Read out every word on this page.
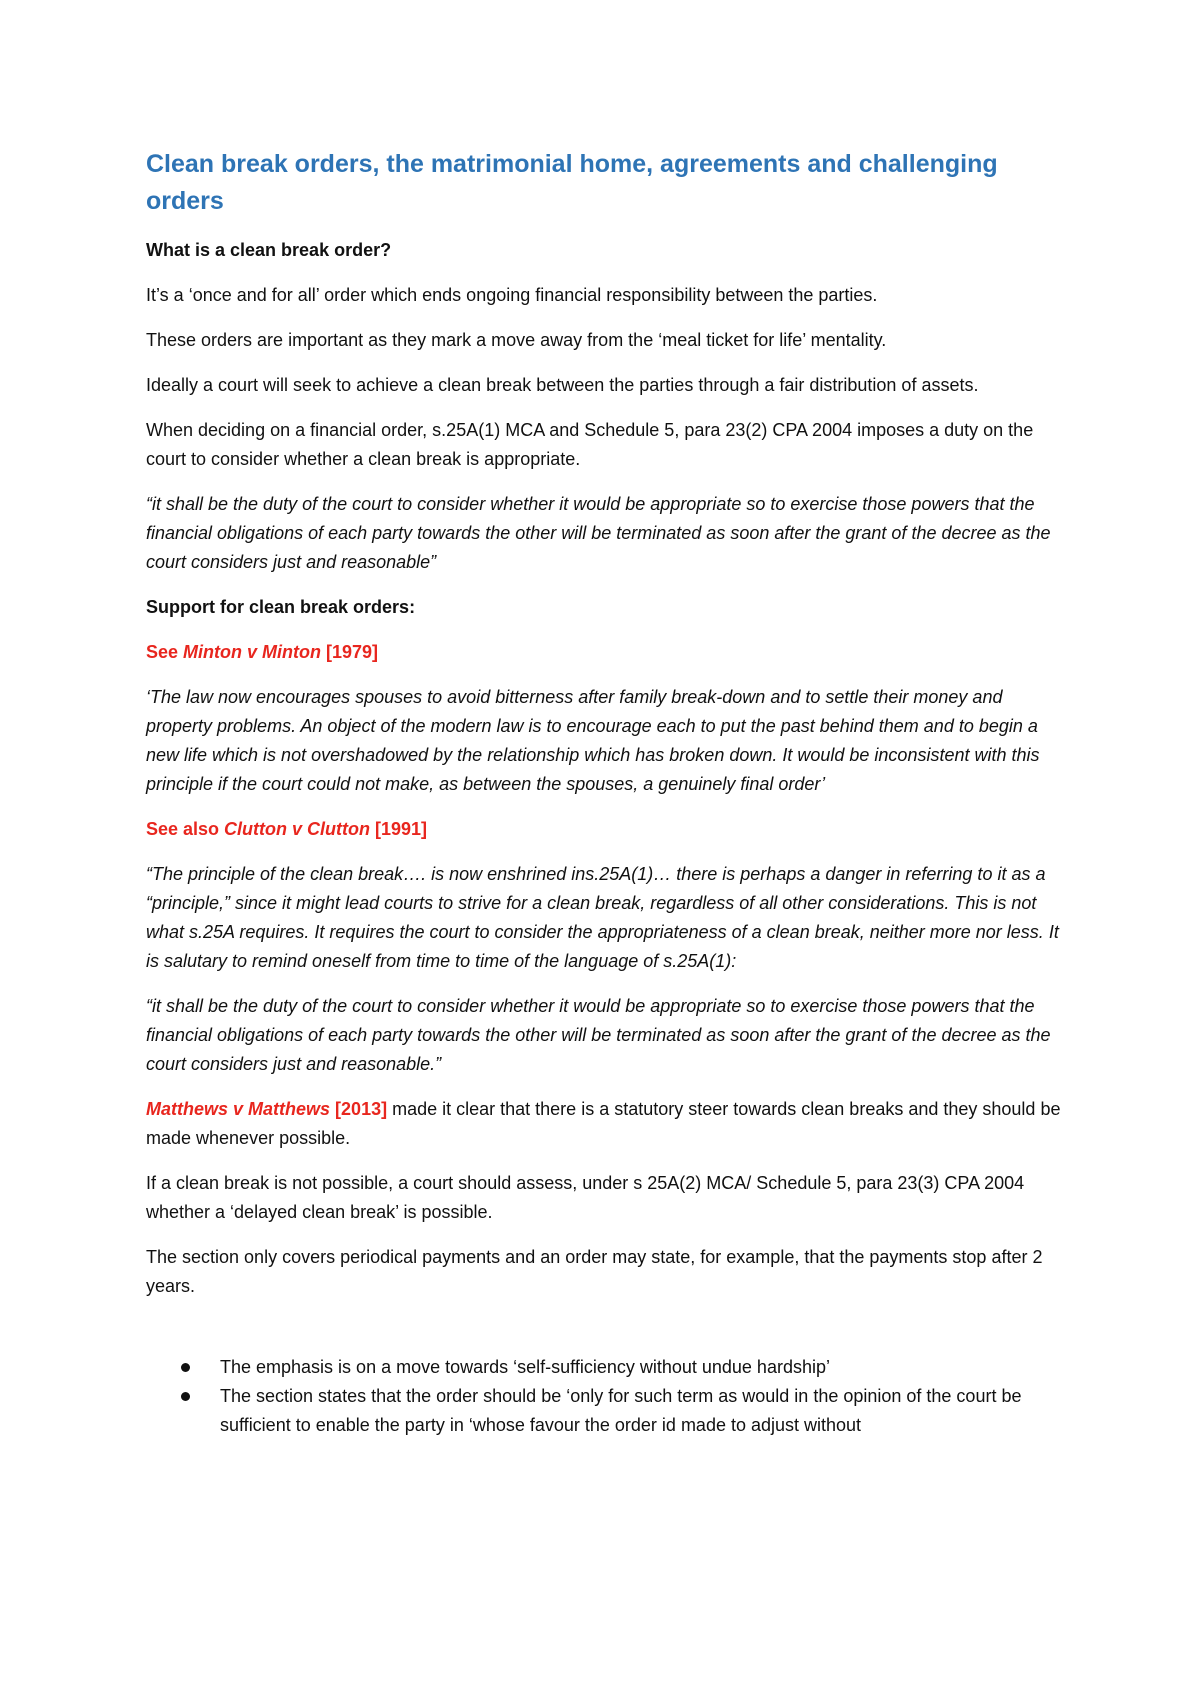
Clean break orders, the matrimonial home, agreements and challenging orders

What is a clean break order?

It’s a ‘once and for all’ order which ends ongoing financial responsibility between the parties.

These orders are important as they mark a move away from the ‘meal ticket for life’ mentality.

Ideally a court will seek to achieve a clean break between the parties through a fair distribution of assets.

When deciding on a financial order, s.25A(1) MCA and Schedule 5, para 23(2) CPA 2004 imposes a duty on the court to consider whether a clean break is appropriate.

“it shall be the duty of the court to consider whether it would be appropriate so to exercise those powers that the financial obligations of each party towards the other will be terminated as soon after the grant of the decree as the court considers just and reasonable”

Support for clean break orders:

See Minton v Minton [1979]

‘The law now encourages spouses to avoid bitterness after family break-down and to settle their money and property problems. An object of the modern law is to encourage each to put the past behind them and to begin a new life which is not overshadowed by the relationship which has broken down. It would be inconsistent with this principle if the court could not make, as between the spouses, a genuinely final order’

See also Clutton v Clutton [1991]

“The principle of the clean break…. is now enshrined ins.25A(1)… there is perhaps a danger in referring to it as a “principle,” since it might lead courts to strive for a clean break, regardless of all other considerations. This is not what s.25A requires. It requires the court to consider the appropriateness of a clean break, neither more nor less. It is salutary to remind oneself from time to time of the language of s.25A(1):

“it shall be the duty of the court to consider whether it would be appropriate so to exercise those powers that the financial obligations of each party towards the other will be terminated as soon after the grant of the decree as the court considers just and reasonable.”

Matthews v Matthews [2013] made it clear that there is a statutory steer towards clean breaks and they should be made whenever possible.

If a clean break is not possible, a court should assess, under s 25A(2) MCA/ Schedule 5, para 23(3) CPA 2004 whether a ‘delayed clean break’ is possible.

The section only covers periodical payments and an order may state, for example, that the payments stop after 2 years.

The emphasis is on a move towards ‘self-sufficiency without undue hardship’
The section states that the order should be ‘only for such term as would in the opinion of the court be sufficient to enable the party in ‘whose favour the order id made to adjust without
